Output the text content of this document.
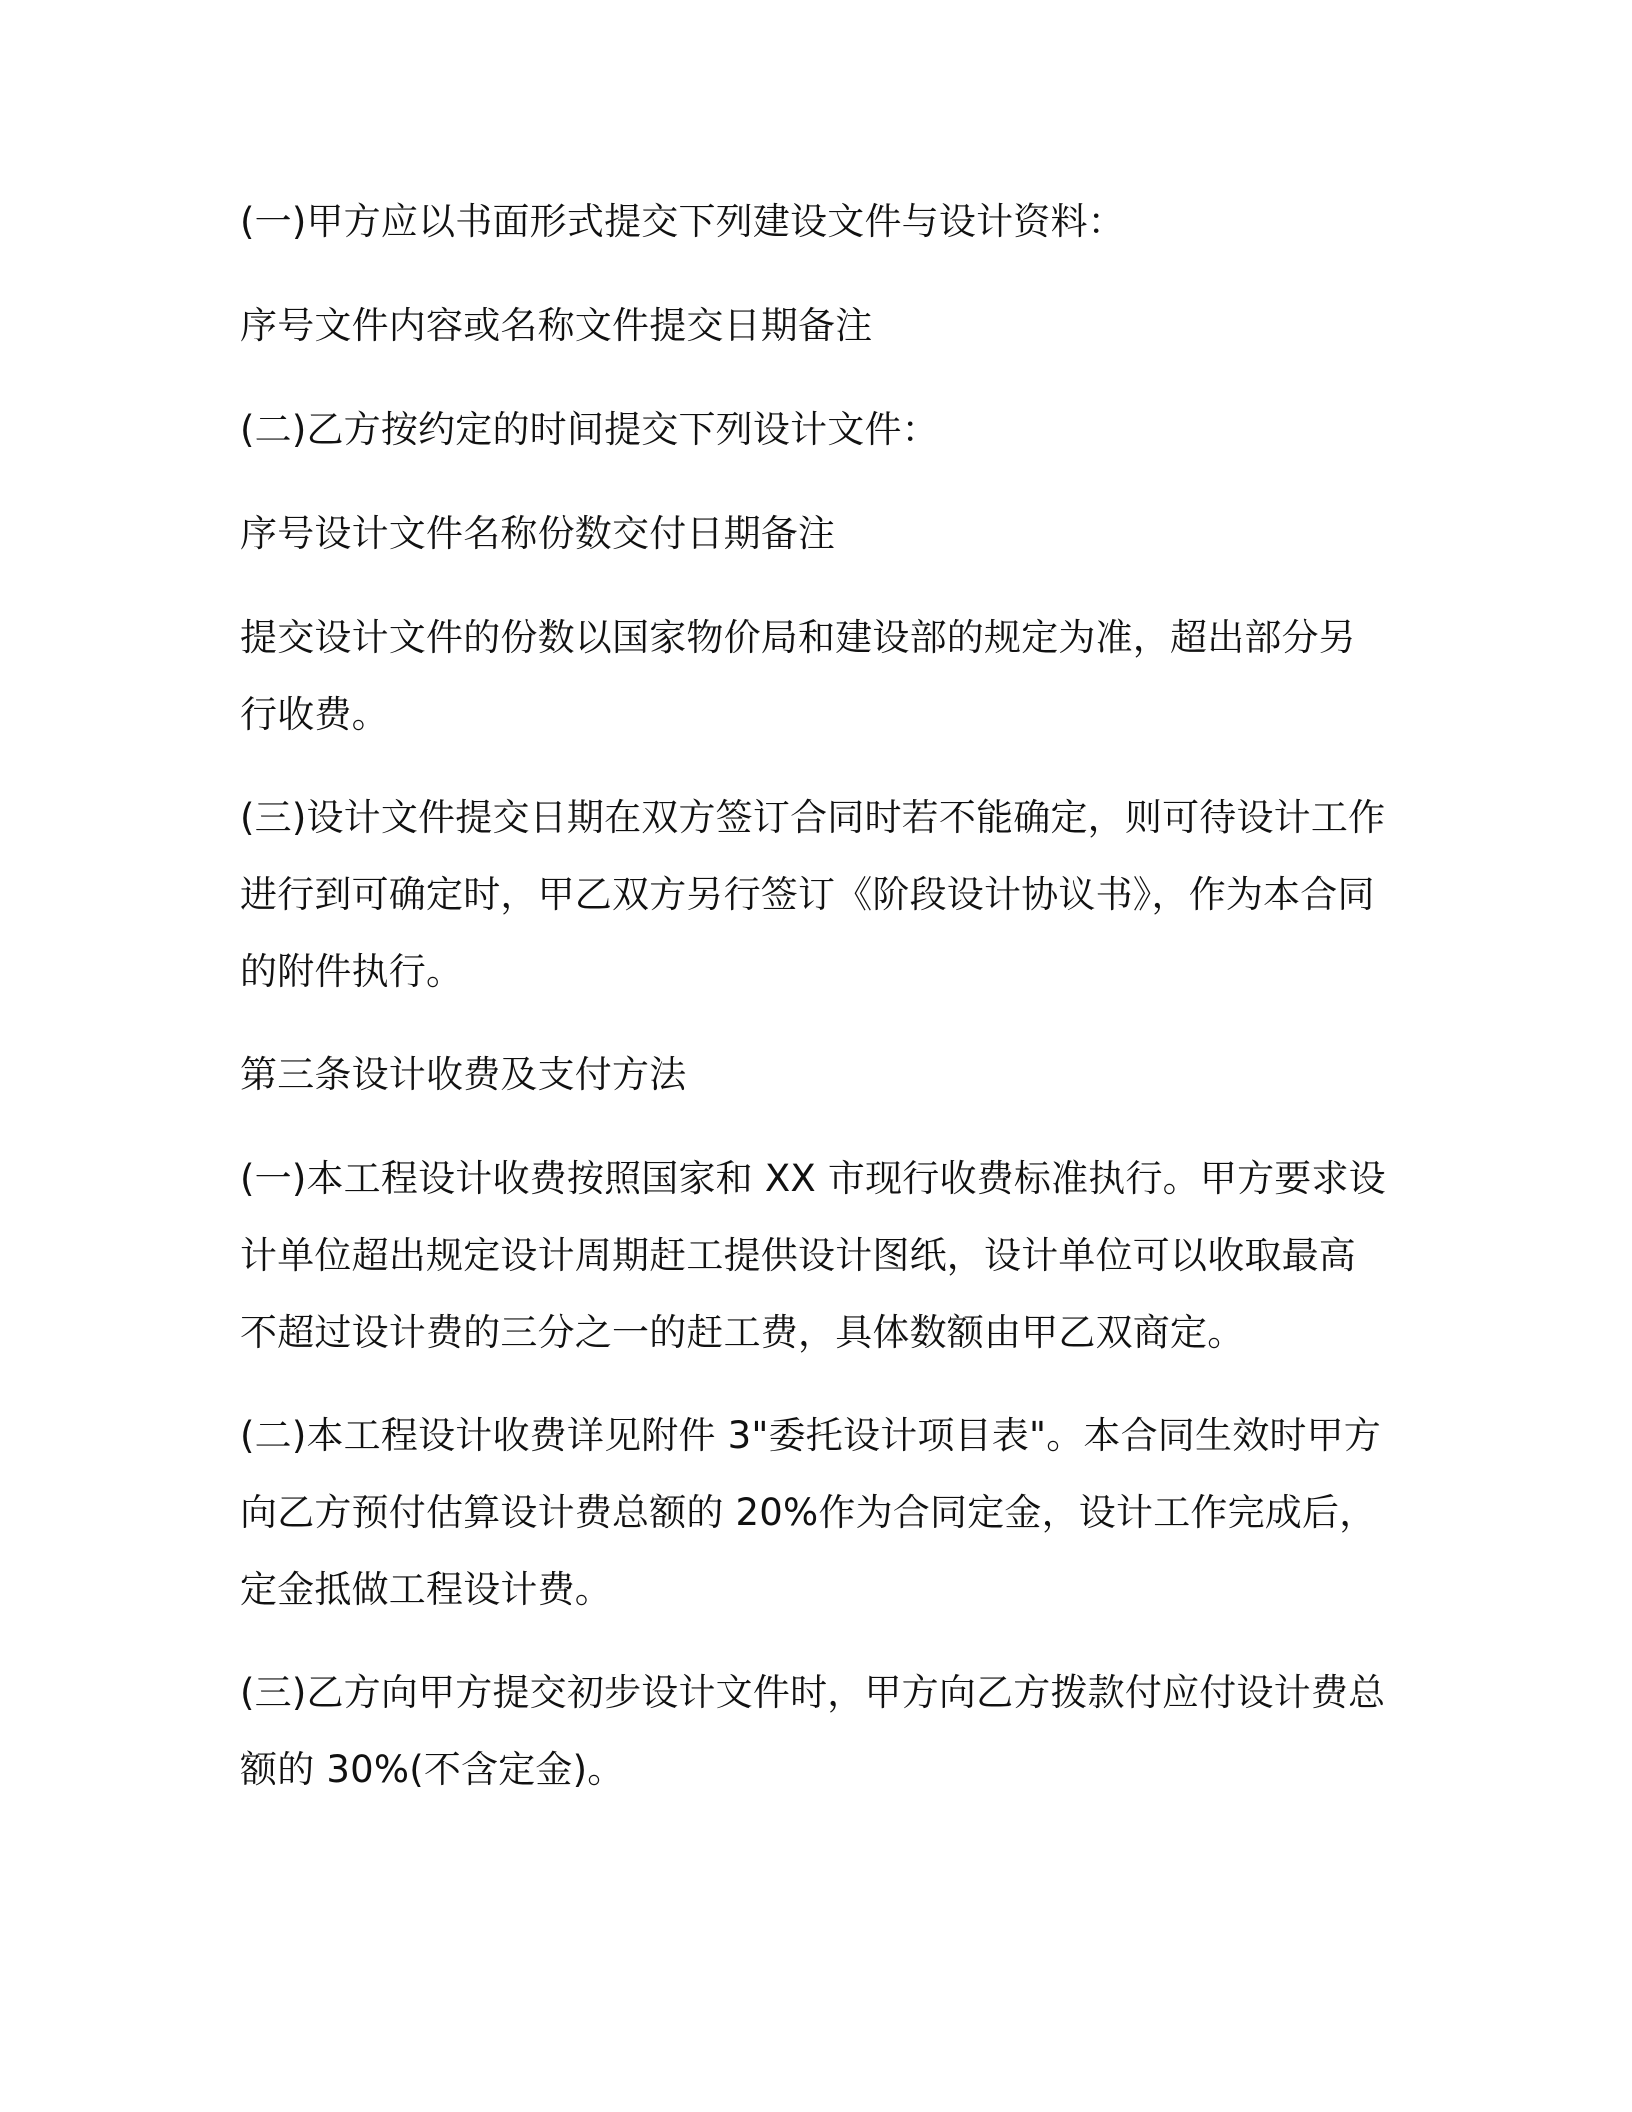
(一)甲方应以书面形式提交下列建设文件与设计资料：

序号文件内容或名称文件提交日期备注

(二)乙方按约定的时间提交下列设计文件：

序号设计文件名称份数交付日期备注

提交设计文件的份数以国家物价局和建设部的规定为准，超出部分另行收费。

(三)设计文件提交日期在双方签订合同时若不能确定，则可待设计工作进行到可确定时，甲乙双方另行签订《阶段设计协议书》，作为本合同的附件执行。

第三条设计收费及支付方法

(一)本工程设计收费按照国家和 XX 市现行收费标准执行。甲方要求设计单位超出规定设计周期赶工提供设计图纸，设计单位可以收取最高不超过设计费的三分之一的赶工费，具体数额由甲乙双商定。

(二)本工程设计收费详见附件 3"委托设计项目表"。本合同生效时甲方向乙方预付估算设计费总额的 20%作为合同定金，设计工作完成后，定金抵做工程设计费。

(三)乙方向甲方提交初步设计文件时，甲方向乙方拨款付应付设计费总额的 30%(不含定金)。
